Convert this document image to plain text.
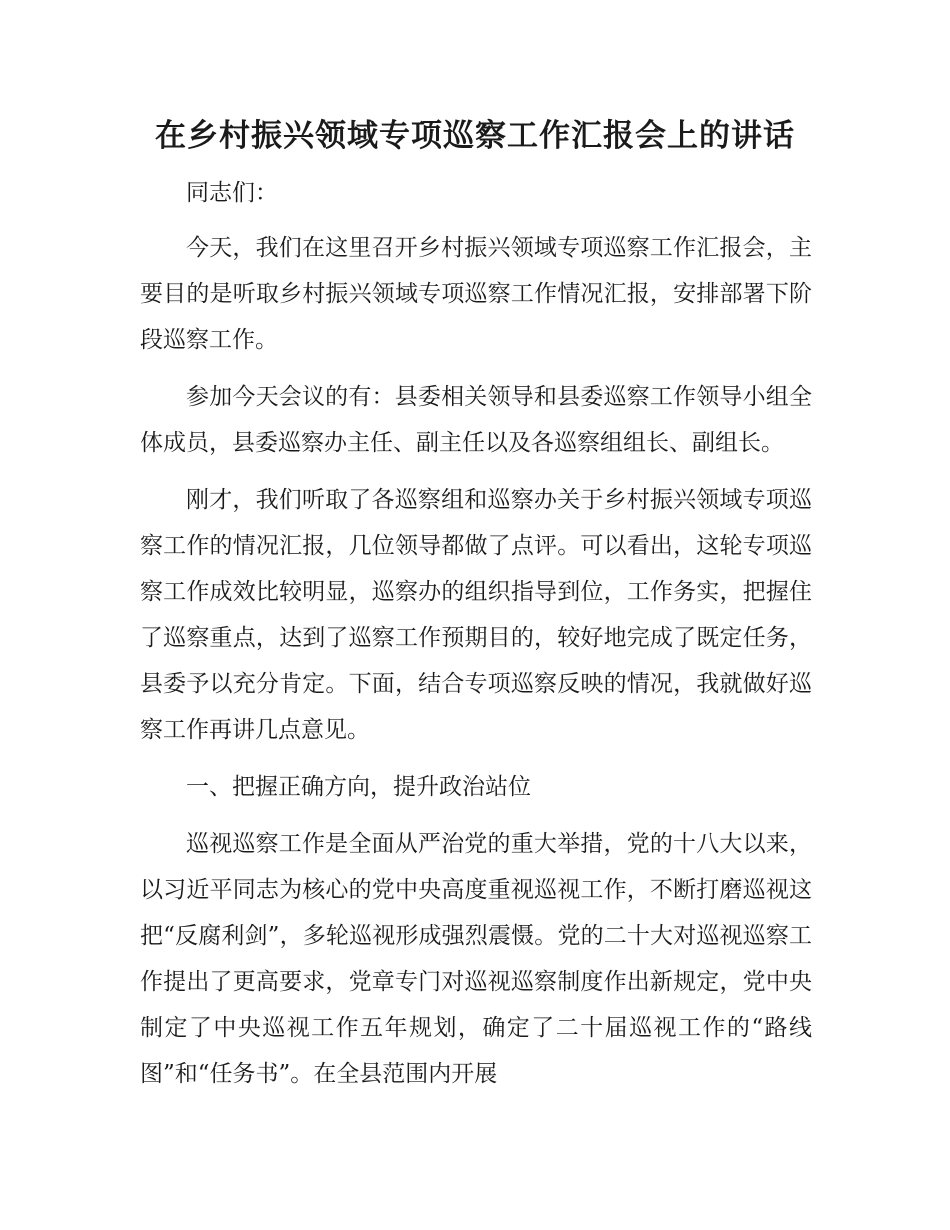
在乡村振兴领域专项巡察工作汇报会上的讲话

同志们：

今天，我们在这里召开乡村振兴领域专项巡察工作汇报会，主要目的是听取乡村振兴领域专项巡察工作情况汇报，安排部署下阶段巡察工作。

参加今天会议的有：县委相关领导和县委巡察工作领导小组全体成员，县委巡察办主任、副主任以及各巡察组组长、副组长。

刚才，我们听取了各巡察组和巡察办关于乡村振兴领域专项巡察工作的情况汇报，几位领导都做了点评。可以看出，这轮专项巡察工作成效比较明显，巡察办的组织指导到位，工作务实，把握住了巡察重点，达到了巡察工作预期目的，较好地完成了既定任务，县委予以充分肯定。下面，结合专项巡察反映的情况，我就做好巡察工作再讲几点意见。

一、把握正确方向，提升政治站位

巡视巡察工作是全面从严治党的重大举措，党的十八大以来，以习近平同志为核心的党中央高度重视巡视工作，不断打磨巡视这把“反腐利剑”，多轮巡视形成强烈震慑。党的二十大对巡视巡察工作提出了更高要求，党章专门对巡视巡察制度作出新规定，党中央制定了中央巡视工作五年规划，确定了二十届巡视工作的“路线图”和“任务书”。在全县范围内开展
